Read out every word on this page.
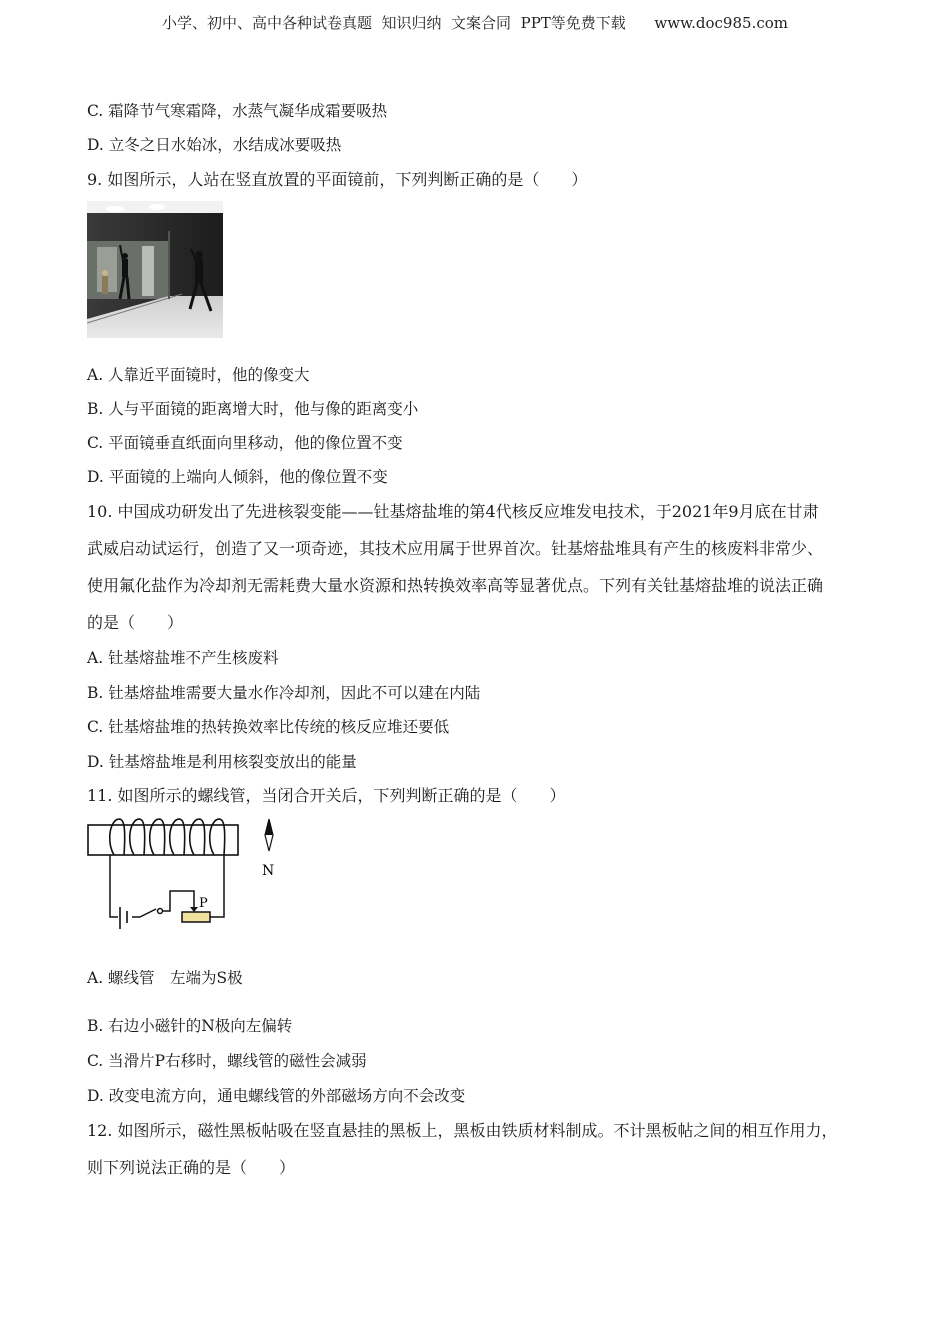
小学、初中、高中各种试卷真题  知识归纳  文案合同  PPT等免费下载      www.doc985.com
C. 霜降节气寒霜降，水蒸气凝华成霜要吸热
D. 立冬之日水始冰，水结成冰要吸热
9. 如图所示，人站在竖直放置的平面镜前，下列判断正确的是（　　）
A. 人靠近平面镜时，他的像变大
B. 人与平面镜的距离增大时，他与像的距离变小
C. 平面镜垂直纸面向里移动，他的像位置不变
D. 平面镜的上端向人倾斜，他的像位置不变
10. 中国成功研发出了先进核裂变能——钍基熔盐堆的第4代核反应堆发电技术，于2021年9月底在甘肃
武威启动试运行，创造了又一项奇迹，其技术应用属于世界首次。钍基熔盐堆具有产生的核废料非常少、
使用氟化盐作为冷却剂无需耗费大量水资源和热转换效率高等显著优点。下列有关钍基熔盐堆的说法正确
的是（　　）
A. 钍基熔盐堆不产生核废料
B. 钍基熔盐堆需要大量水作冷却剂，因此不可以建在内陆
C. 钍基熔盐堆的热转换效率比传统的核反应堆还要低
D. 钍基熔盐堆是利用核裂变放出的能量
11. 如图所示的螺线管，当闭合开关后，下列判断正确的是（　　）
P
N
A. 螺线管　左端为S极
B. 右边小磁针的N极向左偏转
C. 当滑片P右移时，螺线管的磁性会减弱
D. 改变电流方向，通电螺线管的外部磁场方向不会改变
12. 如图所示，磁性黑板帖吸在竖直悬挂的黑板上，黑板由铁质材料制成。不计黑板帖之间的相互作用力，
则下列说法正确的是（　　）
